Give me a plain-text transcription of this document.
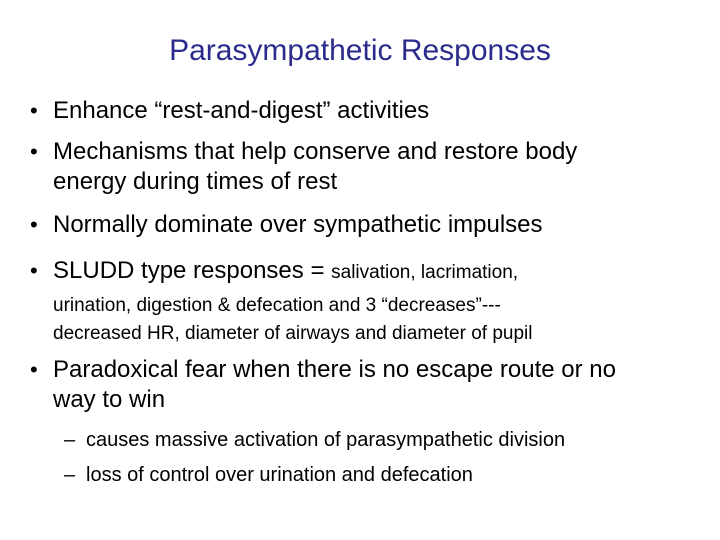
Parasympathetic Responses
• Enhance “rest-and-digest” activities
• Mechanisms that help conserve and restore body
energy during times of rest
• Normally dominate over sympathetic impulses
• SLUDD type responses = salivation, lacrimation,
urination, digestion & defecation and 3 “decreases”---
decreased HR, diameter of airways and diameter of pupil
• Paradoxical fear when there is no escape route or no
way to win
– causes massive activation of parasympathetic division
– loss of control over urination and defecation
